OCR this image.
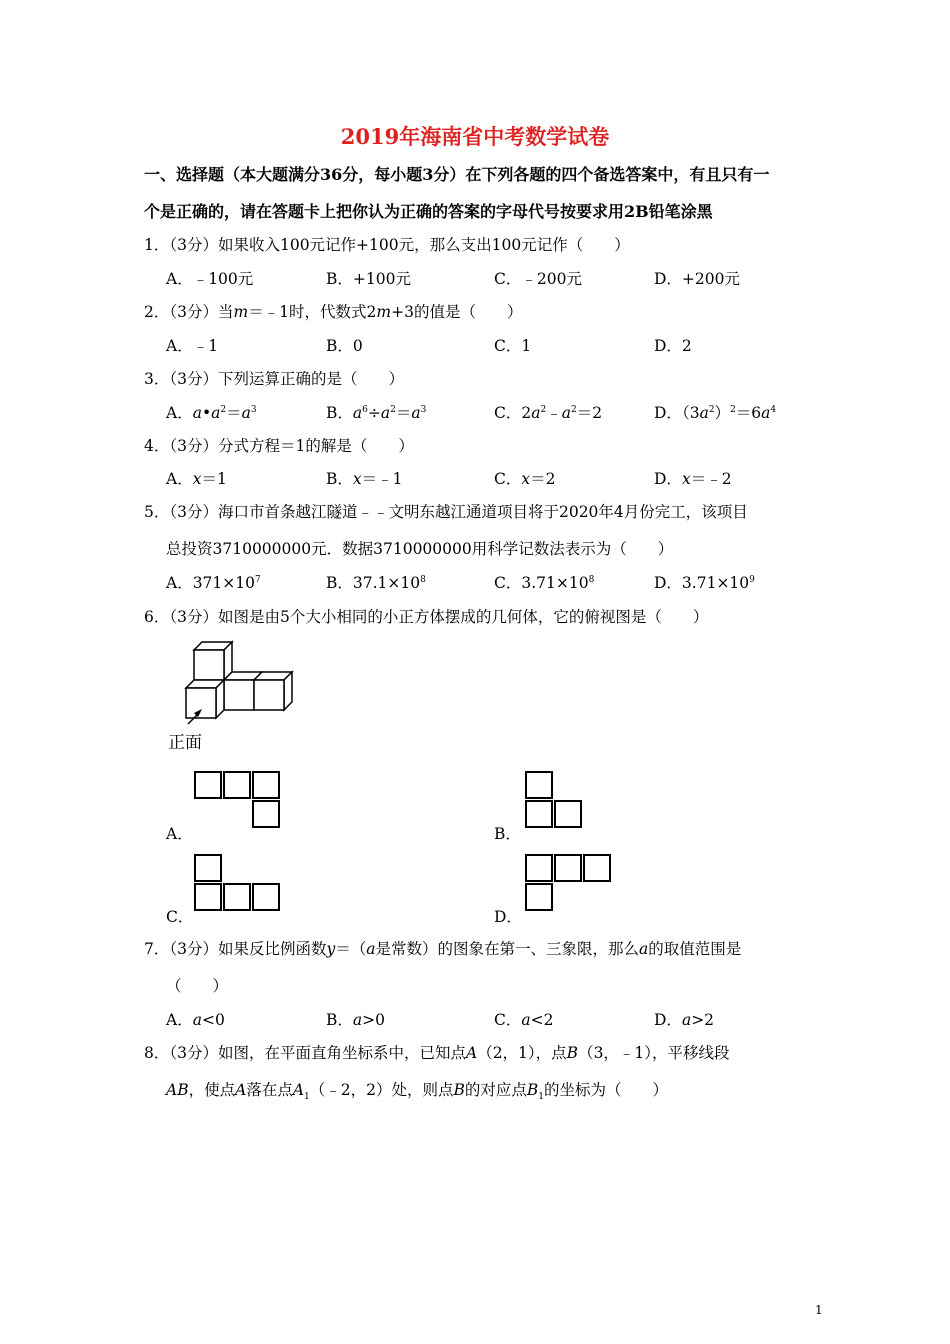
2019年海南省中考数学试卷
一、选择题（本大题满分36分，每小题3分）在下列各题的四个备选答案中，有且只有一
个是正确的，请在答题卡上把你认为正确的答案的字母代号按要求用2B铅笔涂黑
1．（3分）如果收入100元记作+100元，那么支出100元记作（　　）
A．﹣100元	B．+100元	C．﹣200元	D．+200元
2．（3分）当m＝﹣1时，代数式2m+3的值是（　　）
A．﹣1	B．0	C．1	D．2
3．（3分）下列运算正确的是（　　）
A．$a•a^2=a^3$	B．$a^6\div a^2=a^3$	C．$2a^2﹣a^2=2$	D．$(3a^2)^2=6a^4$
4．（3分）分式方程＝1的解是（　　）
A．x＝1	B．x＝﹣1	C．x＝2	D．x＝﹣2
5．（3分）海口市首条越江隧道﹣﹣文明东越江通道项目将于2020年4月份完工，该项目
总投资3710000000元．数据3710000000用科学记数法表示为（　　）
A．$371\times 10^7$	B．$37.1\times 10^8$	C．$3.71\times 10^8$	D．$3.71\times 10^9$
6．（3分）如图是由5个大小相同的小正方体摆成的几何体，它的俯视图是（　　）
正面
A．	B．
C．	D．
7．（3分）如果反比例函数y＝（a是常数）的图象在第一、三象限，那么a的取值范围是
（　　）
A．a<0	B．a>0	C．a<2	D．a>2
8．（3分）如图，在平面直角坐标系中，已知点A（2，1），点B（3，﹣1），平移线段
AB，使点A落在点$A_1(﹣2$，2）处，则点B的对应点$B_1$的坐标为（　　）
1
